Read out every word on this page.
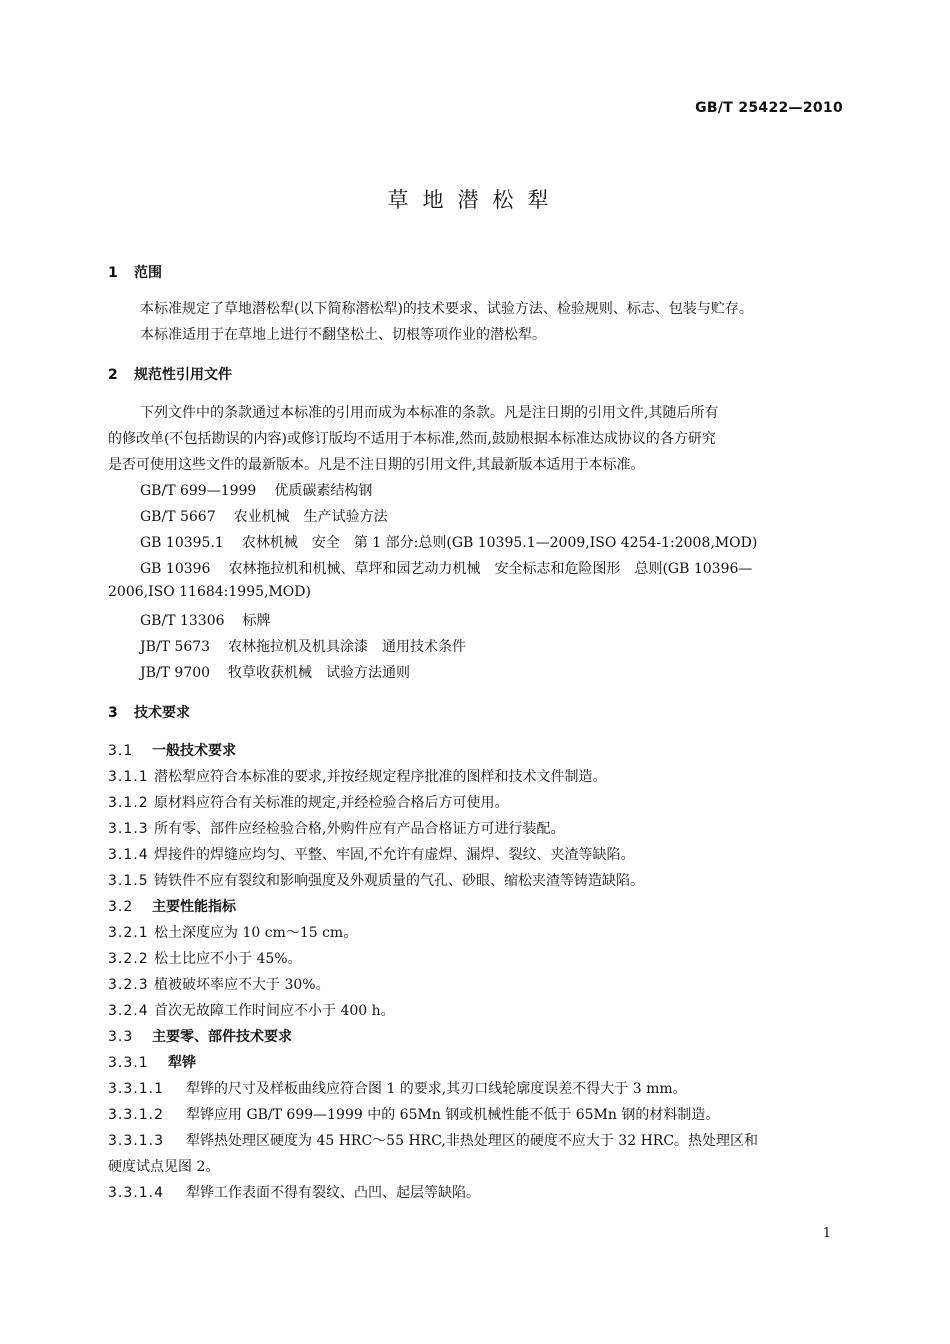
GB/T 25422—2010
草地潜松犁
1 范围
本标准规定了草地潜松犁(以下简称潜松犁)的技术要求、试验方法、检验规则、标志、包装与贮存。
本标准适用于在草地上进行不翻垡松土、切根等项作业的潜松犁。
2 规范性引用文件
下列文件中的条款通过本标准的引用而成为本标准的条款。凡是注日期的引用文件,其随后所有
的修改单(不包括勘误的内容)或修订版均不适用于本标准,然而,鼓励根据本标准达成协议的各方研究
是否可使用这些文件的最新版本。凡是不注日期的引用文件,其最新版本适用于本标准。
GB/T 699—1999 优质碳素结构钢
GB/T 5667 农业机械　生产试验方法
GB 10395.1 农林机械　安全　第 1 部分:总则(GB 10395.1—2009,ISO 4254-1:2008,MOD)
GB 10396 农林拖拉机和机械、草坪和园艺动力机械　安全标志和危险图形　总则(GB 10396—
2006,ISO 11684:1995,MOD)
GB/T 13306 标牌
JB/T 5673 农林拖拉机及机具涂漆　通用技术条件
JB/T 9700 牧草收获机械　试验方法通则
3 技术要求
3.1 一般技术要求
3.1.1 潜松犁应符合本标准的要求,并按经规定程序批准的图样和技术文件制造。
3.1.2 原材料应符合有关标准的规定,并经检验合格后方可使用。
3.1.3 所有零、部件应经检验合格,外购件应有产品合格证方可进行装配。
3.1.4 焊接件的焊缝应均匀、平整、牢固,不允许有虚焊、漏焊、裂纹、夹渣等缺陷。
3.1.5 铸铁件不应有裂纹和影响强度及外观质量的气孔、砂眼、缩松夹渣等铸造缺陷。
3.2 主要性能指标
3.2.1 松土深度应为 10 cm～15 cm。
3.2.2 松土比应不小于 45%。
3.2.3 植被破坏率应不大于 30%。
3.2.4 首次无故障工作时间应不小于 400 h。
3.3 主要零、部件技术要求
3.3.1 犁铧
3.3.1.1 犁铧的尺寸及样板曲线应符合图 1 的要求,其刃口线轮廓度误差不得大于 3 mm。
3.3.1.2 犁铧应用 GB/T 699—1999 中的 65Mn 钢或机械性能不低于 65Mn 钢的材料制造。
3.3.1.3 犁铧热处理区硬度为 45 HRC～55 HRC,非热处理区的硬度不应大于 32 HRC。热处理区和
硬度试点见图 2。
3.3.1.4 犁铧工作表面不得有裂纹、凸凹、起层等缺陷。
1
